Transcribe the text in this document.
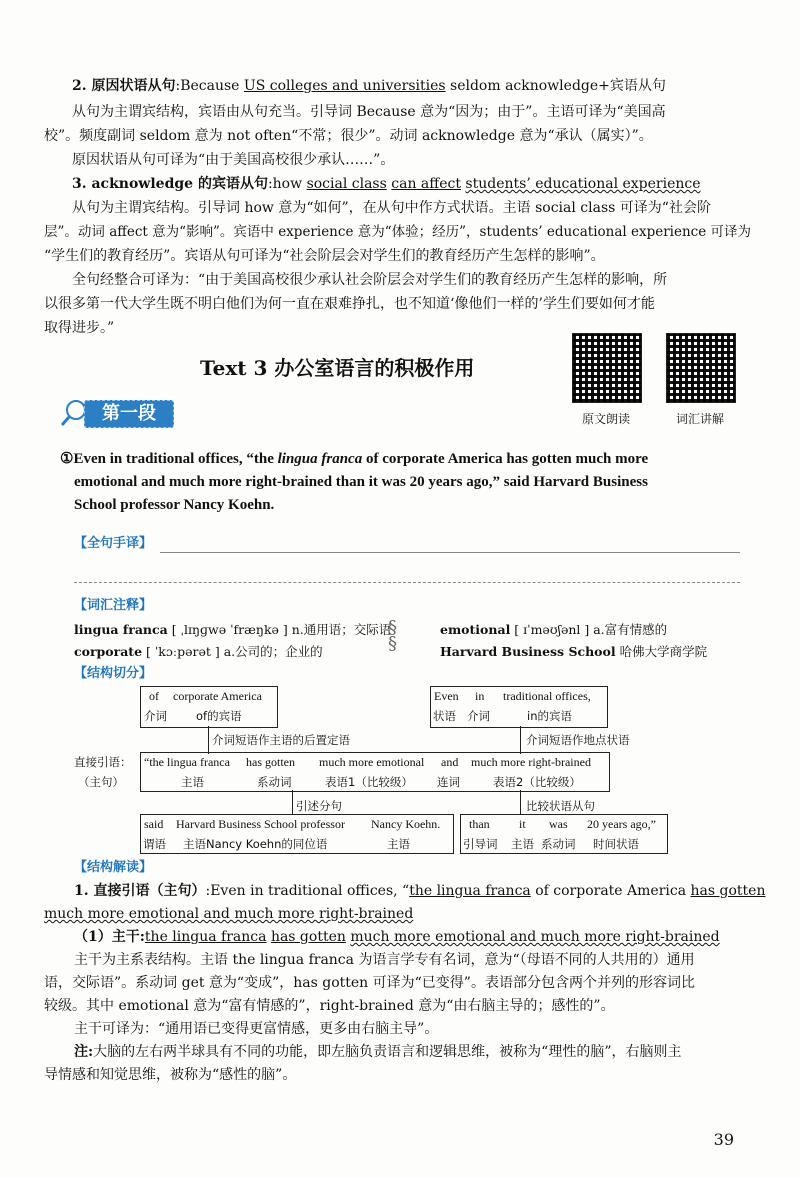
2. 原因状语从句:Because US colleges and universities seldom acknowledge+宾语从句
从句为主谓宾结构，宾语由从句充当。引导词 Because 意为“因为；由于”。主语可译为“美国高
校”。频度副词 seldom 意为 not often“不常；很少”。动词 acknowledge 意为“承认（属实）”。
原因状语从句可译为“由于美国高校很少承认……”。
3. acknowledge 的宾语从句:how social class can affect students’ educational experience
从句为主谓宾结构。引导词 how 意为“如何”，在从句中作方式状语。主语 social class 可译为“社会阶
层”。动词 affect 意为“影响”。宾语中 experience 意为“体验；经历”，students’ educational experience 可译为
“学生们的教育经历”。宾语从句可译为“社会阶层会对学生们的教育经历产生怎样的影响”。
全句经整合可译为：“由于美国高校很少承认社会阶层会对学生们的教育经历产生怎样的影响，所
以很多第一代大学生既不明白他们为何一直在艰难挣扎，也不知道‘像他们一样的’学生们要如何才能
取得进步。”
Text 3 办公室语言的积极作用
原文朗读	词汇讲解
第一段
①Even in traditional offices, “the lingua franca of corporate America has gotten much more
emotional and much more right-brained than it was 20 years ago,” said Harvard Business
School professor Nancy Koehn.
【全句手译】
【词汇注释】
lingua franca [ ˌlɪŋɡwə ˈfræŋkə ] n.通用语；交际语
corporate [ ˈkɔːpərət ] a.公司的；企业的
emotional [ ɪˈməʊʃənl ] a.富有情感的
Harvard Business School 哈佛大学商学院
§
§
【结构切分】
of corporate America
介词	of的宾语
介词短语作主语的后置定语
Even in traditional offices,
状语 介词	in的宾语
介词短语作地点状语
直接引语：
（主句）
“the lingua franca has gotten much more emotional and much more right-brained
主语	系动词	表语1（比较级） 连词	表语2（比较级）
引述分句	比较状语从句
said Harvard Business School professor Nancy Koehn.
谓语 主语Nancy Koehn的同位语	主语
than it was 20 years ago,”
引导词 主语 系动词 时间状语
【结构解读】
1. 直接引语（主句）:Even in traditional offices, “the lingua franca of corporate America has gotten
much more emotional and much more right-brained
（1）主干:the lingua franca has gotten much more emotional and much more right-brained
主干为主系表结构。主语 the lingua franca 为语言学专有名词，意为“（母语不同的人共用的）通用
语，交际语”。系动词 get 意为“变成”，has gotten 可译为“已变得”。表语部分包含两个并列的形容词比
较级。其中 emotional 意为“富有情感的”，right-brained 意为“由右脑主导的；感性的”。
主干可译为：“通用语已变得更富情感，更多由右脑主导”。
注:大脑的左右两半球具有不同的功能，即左脑负责语言和逻辑思维，被称为“理性的脑”，右脑则主
导情感和知觉思维，被称为“感性的脑”。
39
